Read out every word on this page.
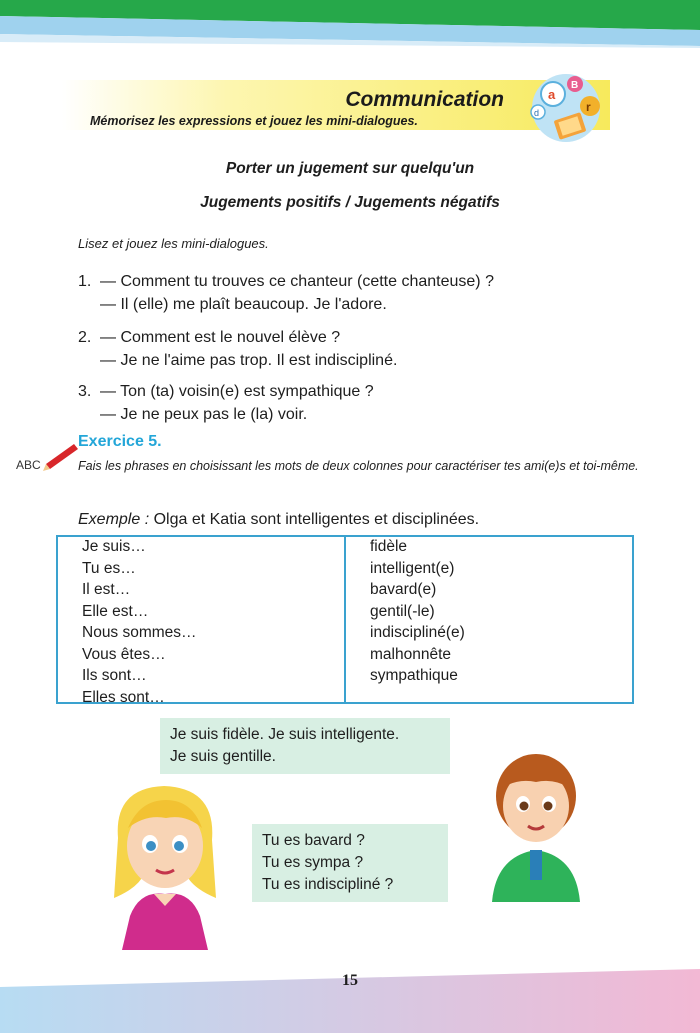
Communication

Mémorisez les expressions et jouez les mini-dialogues.

a
B
r
d

Porter un jugement sur quelqu'un

Jugements positifs / Jugements négatifs

Lisez et jouez les mini-dialogues.

1. — Comment tu trouves ce chanteur (cette chanteuse) ?
— Il (elle) me plaît beaucoup. Je l'adore.
2. — Comment est le nouvel élève ?
— Je ne l'aime pas trop. Il est indiscipliné.
3. — Ton (ta) voisin(e) est sympathique ?
— Je ne peux pas le (la) voir.
ABC

Exercice 5.

Fais les phrases en choisissant les mots de deux colonnes pour caractériser tes ami(e)s et toi-même.

Exemple : Olga et Katia sont intelligentes et disciplinées.

Je suis…
Tu es…
Il est…
Elle est…
Nous sommes…
Vous êtes…
Ils sont…
Elles sont…
fidèle
intelligent(e)
bavard(e)
gentil(-le)
indiscipliné(e)
malhonnête
sympathique

Je suis fidèle. Je suis intelligente.

Je suis gentille.

Tu es bavard ?

Tu es sympa ?

Tu es indiscipliné ?

15
